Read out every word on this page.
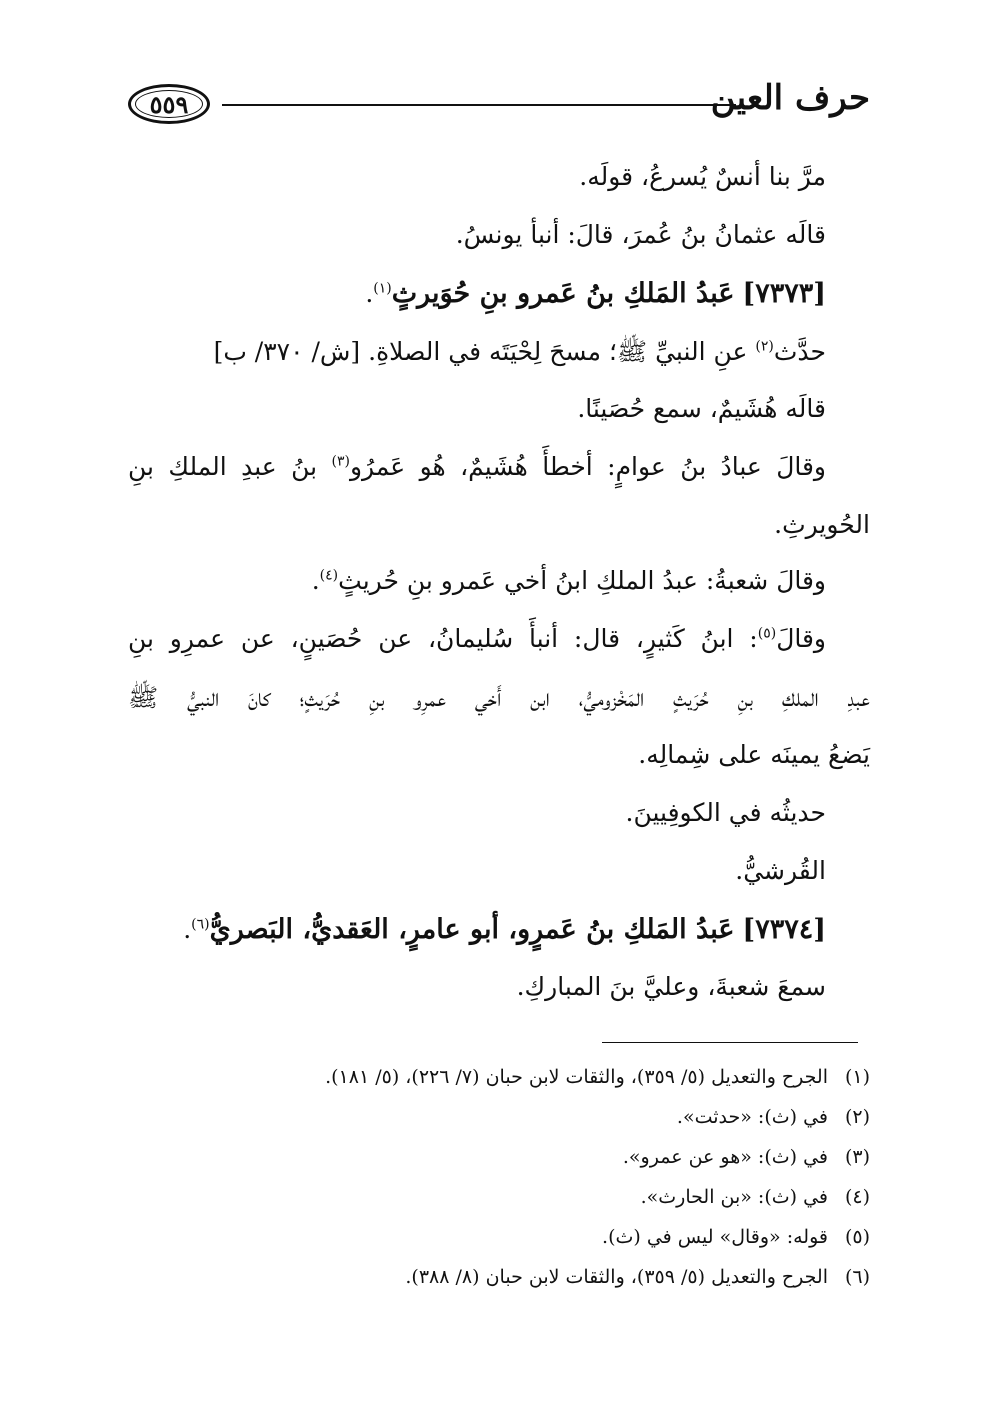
٥٥٩	حرف العين
مرَّ بنا أنسٌ يُسرعُ، قولَه.
قالَه عثمانُ بنُ عُمرَ، قالَ: أنبأ يونسُ.
[٧٣٧٣] عَبدُ المَلكِ بنُ عَمرو بنِ حُوَيرثٍ$^{(١)}$.
حدَّث$^{(٢)}$ عنِ النبيِّ ﷺ؛ مسحَ لِحْيَتَه في الصلاةِ. [ش/ ٣٧٠/ ب]
قالَه هُشَيمٌ، سمع حُصَينًا.
وقالَ عبادُ بنُ عوامٍ: أخطأَ هُشَيمٌ، هُو عَمرُو$^{(٣)}$ بنُ عبدِ الملكِ بنِ
الحُويرثِ.
وقالَ شعبةُ: عبدُ الملكِ ابنُ أخي عَمرو بنِ حُريثٍ$^{(٤)}$.
وقالَ$^{(٥)}$: ابنُ كَثيرٍ، قال: أنبأَ سُليمانُ، عن حُصَينٍ، عن عمرِو بنِ
عبدِ الملكِ بنِ حُرَيثٍ المَخْزوميُّ، ابن أَخي عمرِو بنِ حُرَيثٍ؛ كانَ النبيُّ ﷺ
يَضعُ يمينَه على شِمالِه.
حديثُه في الكوفِيينَ.
القُرشيُّ.
[٧٣٧٤] عَبدُ المَلكِ بنُ عَمرٍو، أبو عامرٍ، العَقديُّ، البَصريُّ$^{(٦)}$.
سمعَ شعبةَ، وعليَّ بنَ المباركِ.
(١)الجرح والتعديل (٥/ ٣٥٩)، والثقات لابن حبان (٧/ ٢٢٦)، (٥/ ١٨١).
(٢)في (ث): «حدثت».
(٣)في (ث): «هو عن عمرو».
(٤)في (ث): «بن الحارث».
(٥)قوله: «وقال» ليس في (ث).
(٦)الجرح والتعديل (٥/ ٣٥٩)، والثقات لابن حبان (٨/ ٣٨٨).
